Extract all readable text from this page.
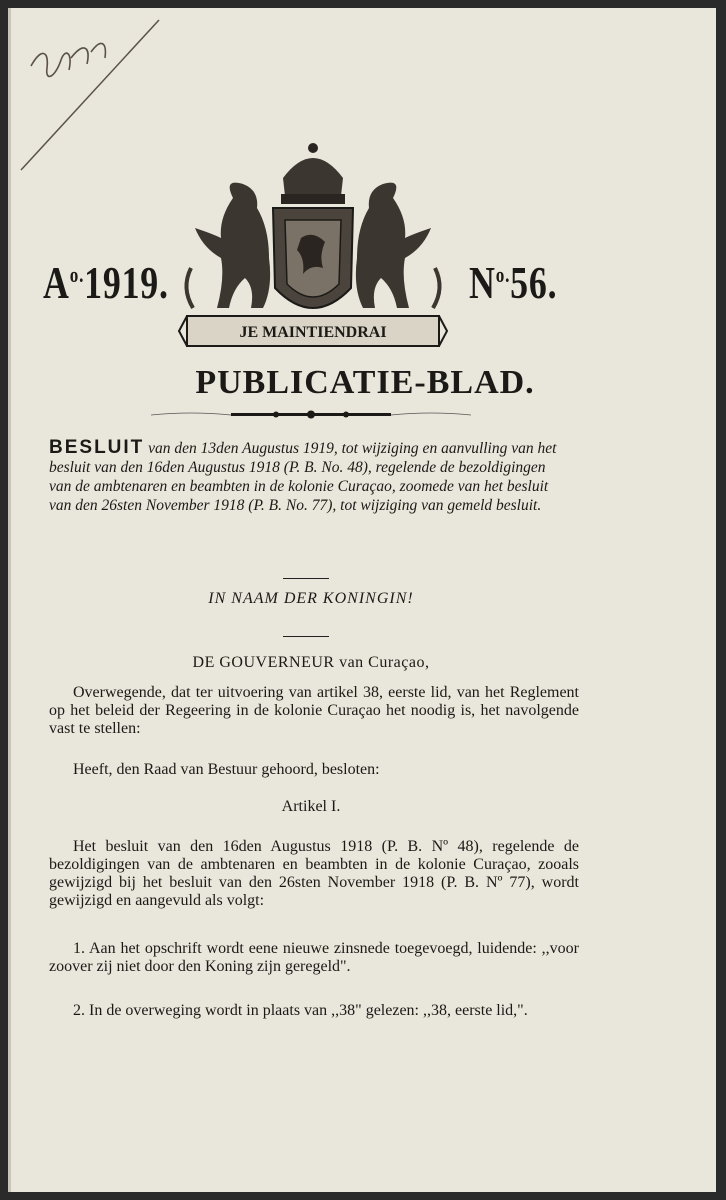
$A^{o.}1919$.
JE MAINTIENDRAI
$N^{o.}56$.
PUBLICATIE-BLAD.
BESLUIT van den 13den Augustus 1919, tot wijziging en aanvulling van het besluit van den 16den Augustus 1918 (P. B. No. 48), regelende de bezoldigingen van de ambtenaren en beambten in de kolonie Curaçao, zoomede van het besluit van den 26sten November 1918 (P. B. No. 77), tot wijziging van gemeld besluit.
IN NAAM DER KONINGIN!
DE GOUVERNEUR van Curaçao,
Overwegende, dat ter uitvoering van artikel 38, eerste lid, van het Reglement op het beleid der Regeering in de kolonie Curaçao het noodig is, het navolgende vast te stellen:
Heeft, den Raad van Bestuur gehoord, besloten:
Artikel I.
Het besluit van den 16den Augustus 1918 (P. B. Nº 48), regelende de bezoldigingen van de ambtenaren en beambten in de kolonie Curaçao, zooals gewijzigd bij het besluit van den 26sten November 1918 (P. B. Nº 77), wordt gewijzigd en aangevuld als volgt:
1. Aan het opschrift wordt eene nieuwe zinsnede toegevoegd, luidende: ,,voor zoover zij niet door den Koning zijn geregeld".
2. In de overweging wordt in plaats van ,,38" gelezen: ,,38, eerste lid,".
